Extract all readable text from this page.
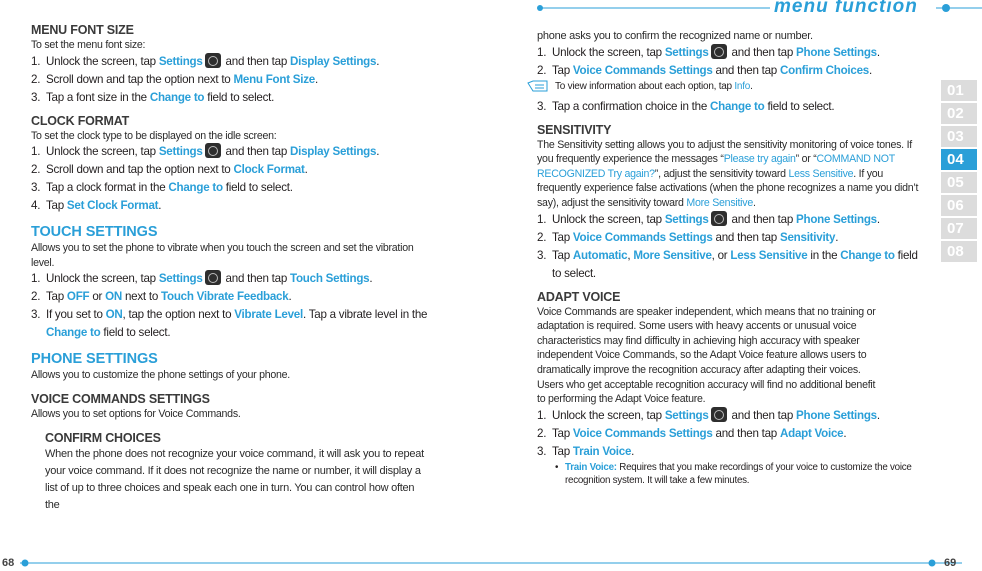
menu function
68	69
01
02
03
04
05
06
07
08
MENU FONT SIZE
To set the menu font size:
1. Unlock the screen, tap Settings and then tap Display Settings.
2. Scroll down and tap the option next to Menu Font Size.
3. Tap a font size in the Change to field to select.
CLOCK FORMAT
To set the clock type to be displayed on the idle screen:
1. Unlock the screen, tap Settings and then tap Display Settings.
2. Scroll down and tap the option next to Clock Format.
3. Tap a clock format in the Change to field to select.
4. Tap Set Clock Format.
TOUCH SETTINGS
Allows you to set the phone to vibrate when you touch the screen and set the vibration level.
1. Unlock the screen, tap Settings and then tap Touch Settings.
2. Tap OFF or ON next to Touch Vibrate Feedback.
3. If you set to ON, tap the option next to Vibrate Level. Tap a vibrate level in the Change to field to select.
PHONE SETTINGS
Allows you to customize the phone settings of your phone.
VOICE COMMANDS SETTINGS
Allows you to set options for Voice Commands.
CONFIRM CHOICES
When the phone does not recognize your voice command, it will ask you to repeat your voice command. If it does not recognize the name or number, it will display a list of up to three choices and speak each one in turn. You can control how often the
phone asks you to confirm the recognized name or number.
1. Unlock the screen, tap Settings and then tap Phone Settings.
2. Tap Voice Commands Settings and then tap Confirm Choices.
To view information about each option, tap Info.
3. Tap a confirmation choice in the Change to field to select.
SENSITIVITY
The Sensitivity setting allows you to adjust the sensitivity monitoring of voice tones. If you frequently experience the messages “Please try again” or “COMMAND NOT RECOGNIZED Try again?”, adjust the sensitivity toward Less Sensitive. If you frequently experience false activations (when the phone recognizes a name you didn’t say), adjust the sensitivity toward More Sensitive.
1. Unlock the screen, tap Settings and then tap Phone Settings.
2. Tap Voice Commands Settings and then tap Sensitivity.
3. Tap Automatic, More Sensitive, or Less Sensitive in the Change to field to select.
ADAPT VOICE
Voice Commands are speaker independent, which means that no training or adaptation is required. Some users with heavy accents or unusual voice characteristics may find difficulty in achieving high accuracy with speaker independent Voice Commands, so the Adapt Voice feature allows users to dramatically improve the recognition accuracy after adapting their voices. Users who get acceptable recognition accuracy will find no additional benefit to performing the Adapt Voice feature.
1. Unlock the screen, tap Settings and then tap Phone Settings.
2. Tap Voice Commands Settings and then tap Adapt Voice.
3. Tap Train Voice.
• Train Voice: Requires that you make recordings of your voice to customize the voice recognition system. It will take a few minutes.
